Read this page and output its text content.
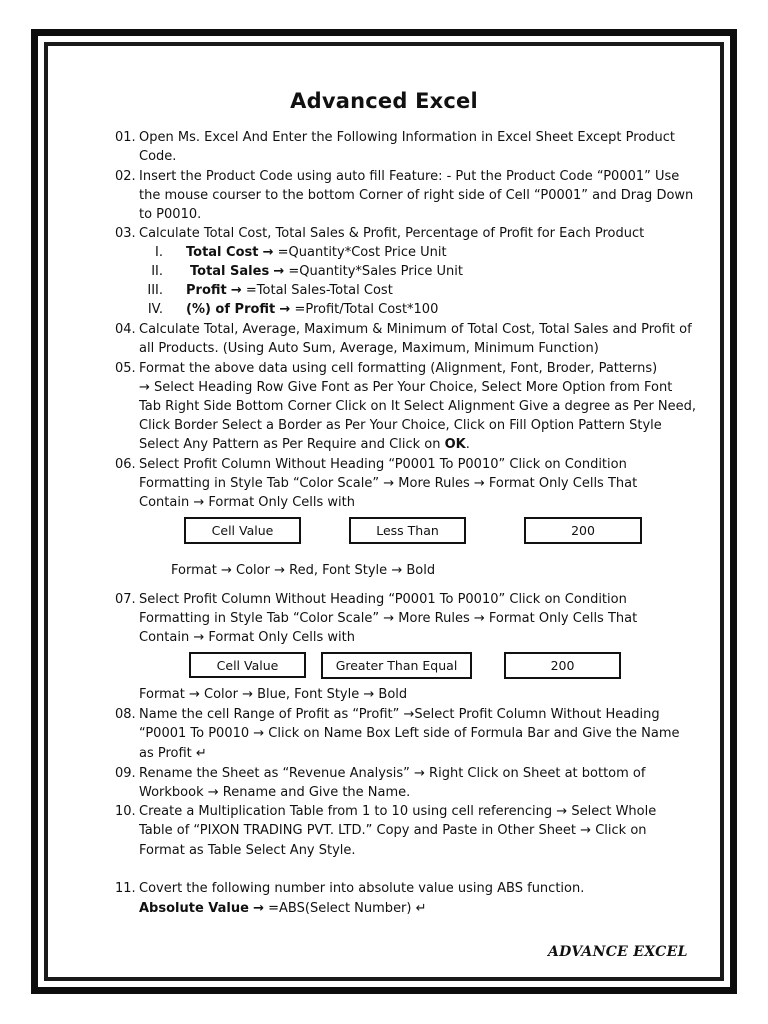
Advanced Excel
01. Open Ms. Excel And Enter the Following Information in Excel Sheet Except Product
Code.
02. Insert the Product Code using auto fill Feature: - Put the Product Code “P0001” Use
the mouse courser to the bottom Corner of right side of Cell “P0001” and Drag Down
to P0010.
03. Calculate Total Cost, Total Sales & Profit, Percentage of Profit for Each Product
I. Total Cost → =Quantity*Cost Price Unit
II. Total Sales → =Quantity*Sales Price Unit
III. Profit → =Total Sales-Total Cost
IV. (%) of Profit → =Profit/Total Cost*100
04. Calculate Total, Average, Maximum & Minimum of Total Cost, Total Sales and Profit of
all Products. (Using Auto Sum, Average, Maximum, Minimum Function)
05. Format the above data using cell formatting (Alignment, Font, Broder, Patterns)
→ Select Heading Row Give Font as Per Your Choice, Select More Option from Font
Tab Right Side Bottom Corner Click on It Select Alignment Give a degree as Per Need,
Click Border Select a Border as Per Your Choice, Click on Fill Option Pattern Style
Select Any Pattern as Per Require and Click on OK.
06. Select Profit Column Without Heading “P0001 To P0010” Click on Condition
Formatting in Style Tab “Color Scale” → More Rules → Format Only Cells That
Contain → Format Only Cells with
Cell Value	Less Than	200
Format → Color → Red, Font Style → Bold
07. Select Profit Column Without Heading “P0001 To P0010” Click on Condition
Formatting in Style Tab “Color Scale” → More Rules → Format Only Cells That
Contain → Format Only Cells with
Cell Value	Greater Than Equal	200
Format → Color → Blue, Font Style → Bold
08. Name the cell Range of Profit as “Profit” →Select Profit Column Without Heading
“P0001 To P0010 → Click on Name Box Left side of Formula Bar and Give the Name
as Profit ↵
09. Rename the Sheet as “Revenue Analysis” → Right Click on Sheet at bottom of
Workbook → Rename and Give the Name.
10. Create a Multiplication Table from 1 to 10 using cell referencing → Select Whole
Table of “PIXON TRADING PVT. LTD.” Copy and Paste in Other Sheet → Click on
Format as Table Select Any Style.
11. Covert the following number into absolute value using ABS function.
Absolute Value → =ABS(Select Number) ↵
ADVANCE EXCEL
